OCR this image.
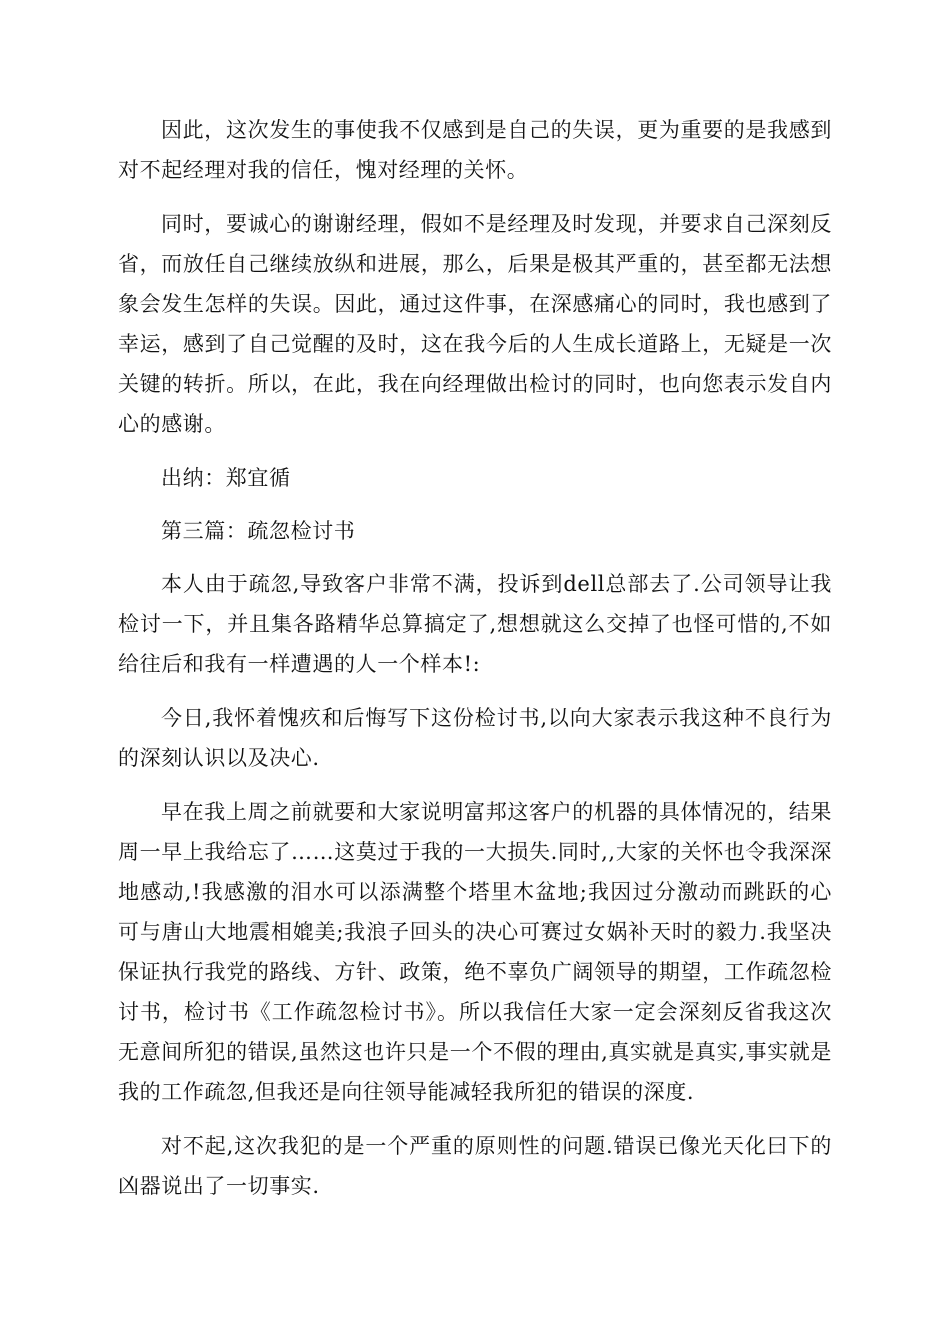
因此，这次发生的事使我不仅感到是自己的失误，更为重要的是我感到对不起经理对我的信任，愧对经理的关怀。

同时，要诚心的谢谢经理，假如不是经理及时发现，并要求自己深刻反省，而放任自己继续放纵和进展，那么，后果是极其严重的，甚至都无法想象会发生怎样的失误。因此，通过这件事，在深感痛心的同时，我也感到了幸运，感到了自己觉醒的及时，这在我今后的人生成长道路上，无疑是一次关键的转折。所以，在此，我在向经理做出检讨的同时，也向您表示发自内心的感谢。

出纳：郑宜循

第三篇：疏忽检讨书

本人由于疏忽,导致客户非常不满，投诉到dell总部去了.公司领导让我检讨一下，并且集各路精华总算搞定了,想想就这么交掉了也怪可惜的,不如给往后和我有一样遭遇的人一个样本!:

今日,我怀着愧疚和后悔写下这份检讨书,以向大家表示我这种不良行为的深刻认识以及决心.

早在我上周之前就要和大家说明富邦这客户的机器的具体情况的，结果周一早上我给忘了……这莫过于我的一大损失.同时,,大家的关怀也令我深深地感动,!我感激的泪水可以添满整个塔里木盆地;我因过分激动而跳跃的心可与唐山大地震相媲美;我浪子回头的决心可赛过女娲补天时的毅力.我坚决保证执行我党的路线、方针、政策，绝不辜负广阔领导的期望，工作疏忽检讨书，检讨书《工作疏忽检讨书》。所以我信任大家一定会深刻反省我这次无意间所犯的错误,虽然这也许只是一个不假的理由,真实就是真实,事实就是我的工作疏忽,但我还是向往领导能减轻我所犯的错误的深度.

对不起,这次我犯的是一个严重的原则性的问题.错误已像光天化曰下的凶器说出了一切事实.
